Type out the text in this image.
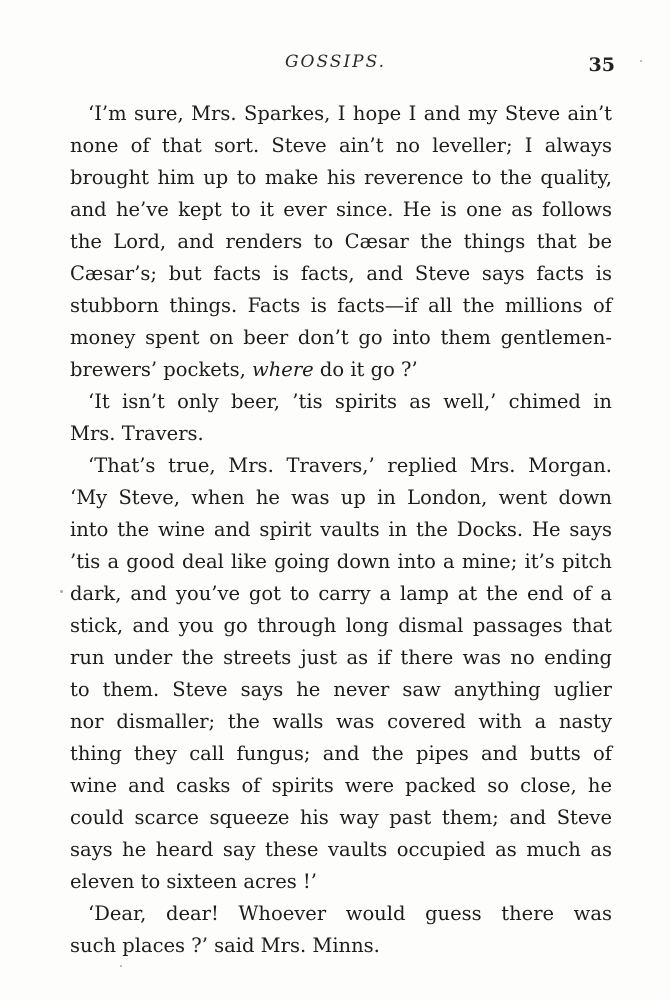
GOSSIPS.	35
‘I’m sure, Mrs. Sparkes, I hope I and my Steve ain’t
none of that sort. Steve ain’t no leveller; I always
brought him up to make his reverence to the quality,
and he’ve kept to it ever since. He is one as follows
the Lord, and renders to Cæsar the things that be
Cæsar’s; but facts is facts, and Steve says facts is
stubborn things. Facts is facts—if all the millions of
money spent on beer don’t go into them gentlemen-
brewers’ pockets, where do it go ?’
‘It isn’t only beer, ’tis spirits as well,’ chimed in
Mrs. Travers.
‘That’s true, Mrs. Travers,’ replied Mrs. Morgan.
‘My Steve, when he was up in London, went down
into the wine and spirit vaults in the Docks. He says
’tis a good deal like going down into a mine; it’s pitch
dark, and you’ve got to carry a lamp at the end of a
stick, and you go through long dismal passages that
run under the streets just as if there was no ending
to them. Steve says he never saw anything uglier
nor dismaller; the walls was covered with a nasty
thing they call fungus; and the pipes and butts of
wine and casks of spirits were packed so close, he
could scarce squeeze his way past them; and Steve
says he heard say these vaults occupied as much as
eleven to sixteen acres !’
‘Dear, dear! Whoever would guess there was
such places ?’ said Mrs. Minns.
